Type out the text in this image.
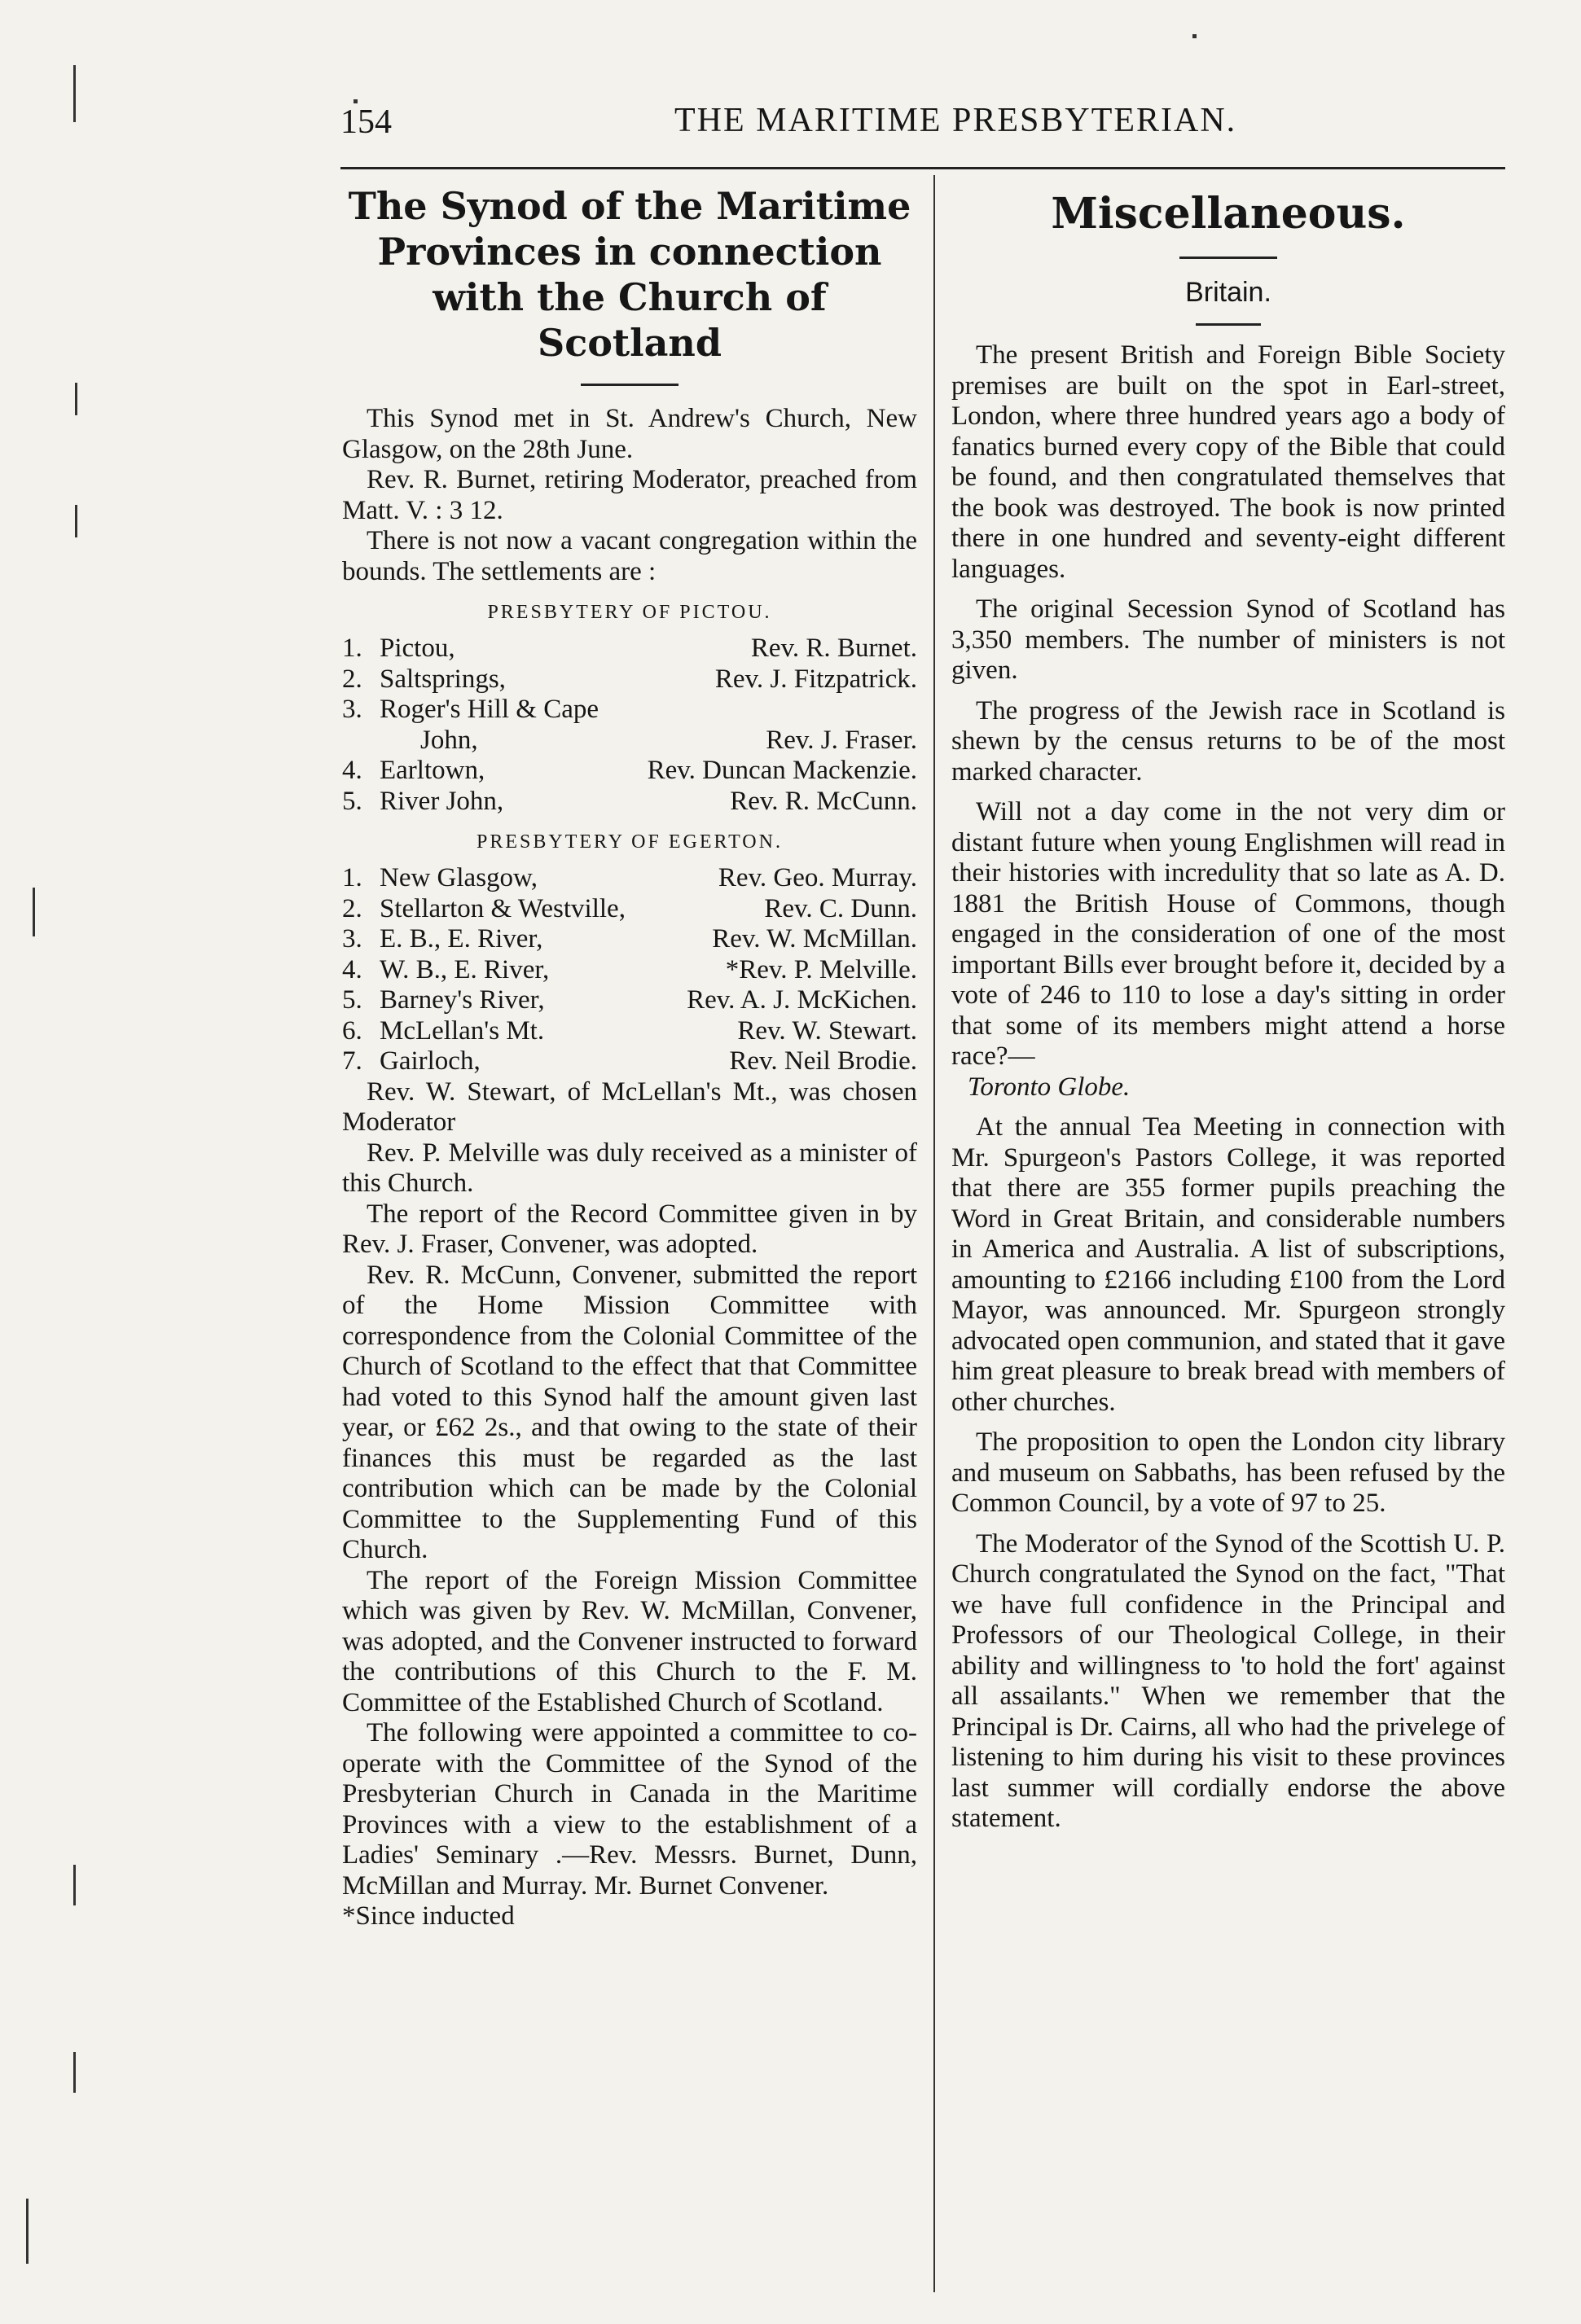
154	THE MARITIME PRESBYTERIAN.
The Synod of the Maritime Provinces in connection with the Church of Scotland

This Synod met in St. Andrew's Church, New Glasgow, on the 28th June.

Rev. R. Burnet, retiring Moderator, preached from Matt. V. : 3 12.

There is not now a vacant congregation within the bounds. The settlements are :

PRESBYTERY OF PICTOU.
1. Pictou,	Rev. R. Burnet.
2. Saltsprings,	Rev. J. Fitzpatrick.
3. Roger's Hill & Cape
John,	Rev. J. Fraser.
4. Earltown,	Rev. Duncan Mackenzie.
5. River John,	Rev. R. McCunn.
PRESBYTERY OF EGERTON.
1. New Glasgow,	Rev. Geo. Murray.
2. Stellarton & Westville,	Rev. C. Dunn.
3. E. B., E. River,	Rev. W. McMillan.
4. W. B., E. River,	*Rev. P. Melville.
5. Barney's River,	Rev. A. J. McKichen.
6. McLellan's Mt.	Rev. W. Stewart.
7. Gairloch,	Rev. Neil Brodie.

Rev. W. Stewart, of McLellan's Mt., was chosen Moderator

Rev. P. Melville was duly received as a minister of this Church.

The report of the Record Committee given in by Rev. J. Fraser, Convener, was adopted.

Rev. R. McCunn, Convener, submitted the report of the Home Mission Committee with correspondence from the Colonial Committee of the Church of Scotland to the effect that that Committee had voted to this Synod half the amount given last year, or £62 2s., and that owing to the state of their finances this must be regarded as the last contribution which can be made by the Colonial Committee to the Supplementing Fund of this Church.

The report of the Foreign Mission Committee which was given by Rev. W. McMillan, Convener, was adopted, and the Convener instructed to forward the contributions of this Church to the F. M. Committee of the Established Church of Scotland.

The following were appointed a committee to co-operate with the Committee of the Synod of the Presbyterian Church in Canada in the Maritime Provinces with a view to the establishment of a Ladies' Seminary .—Rev. Messrs. Burnet, Dunn, McMillan and Murray. Mr. Burnet Convener.

*Since inducted
Miscellaneous.
Britain.

The present British and Foreign Bible Society premises are built on the spot in Earl-street, London, where three hundred years ago a body of fanatics burned every copy of the Bible that could be found, and then congratulated themselves that the book was destroyed. The book is now printed there in one hundred and seventy-eight different languages.

The original Secession Synod of Scotland has 3,350 members. The number of ministers is not given.

The progress of the Jewish race in Scotland is shewn by the census returns to be of the most marked character.

Will not a day come in the not very dim or distant future when young Englishmen will read in their histories with incredulity that so late as A. D. 1881 the British House of Commons, though engaged in the consideration of one of the most important Bills ever brought before it, decided by a vote of 246 to 110 to lose a day's sitting in order that some of its members might attend a horse race?—

Toronto Globe.

At the annual Tea Meeting in connection with Mr. Spurgeon's Pastors College, it was reported that there are 355 former pupils preaching the Word in Great Britain, and considerable numbers in America and Australia. A list of subscriptions, amounting to £2166 including £100 from the Lord Mayor, was announced. Mr. Spurgeon strongly advocated open communion, and stated that it gave him great pleasure to break bread with members of other churches.

The proposition to open the London city library and museum on Sabbaths, has been refused by the Common Council, by a vote of 97 to 25.

The Moderator of the Synod of the Scottish U. P. Church congratulated the Synod on the fact, "That we have full confidence in the Principal and Professors of our Theological College, in their ability and willingness to 'to hold the fort' against all assailants." When we remember that the Principal is Dr. Cairns, all who had the privelege of listening to him during his visit to these provinces last summer will cordially endorse the above statement.
